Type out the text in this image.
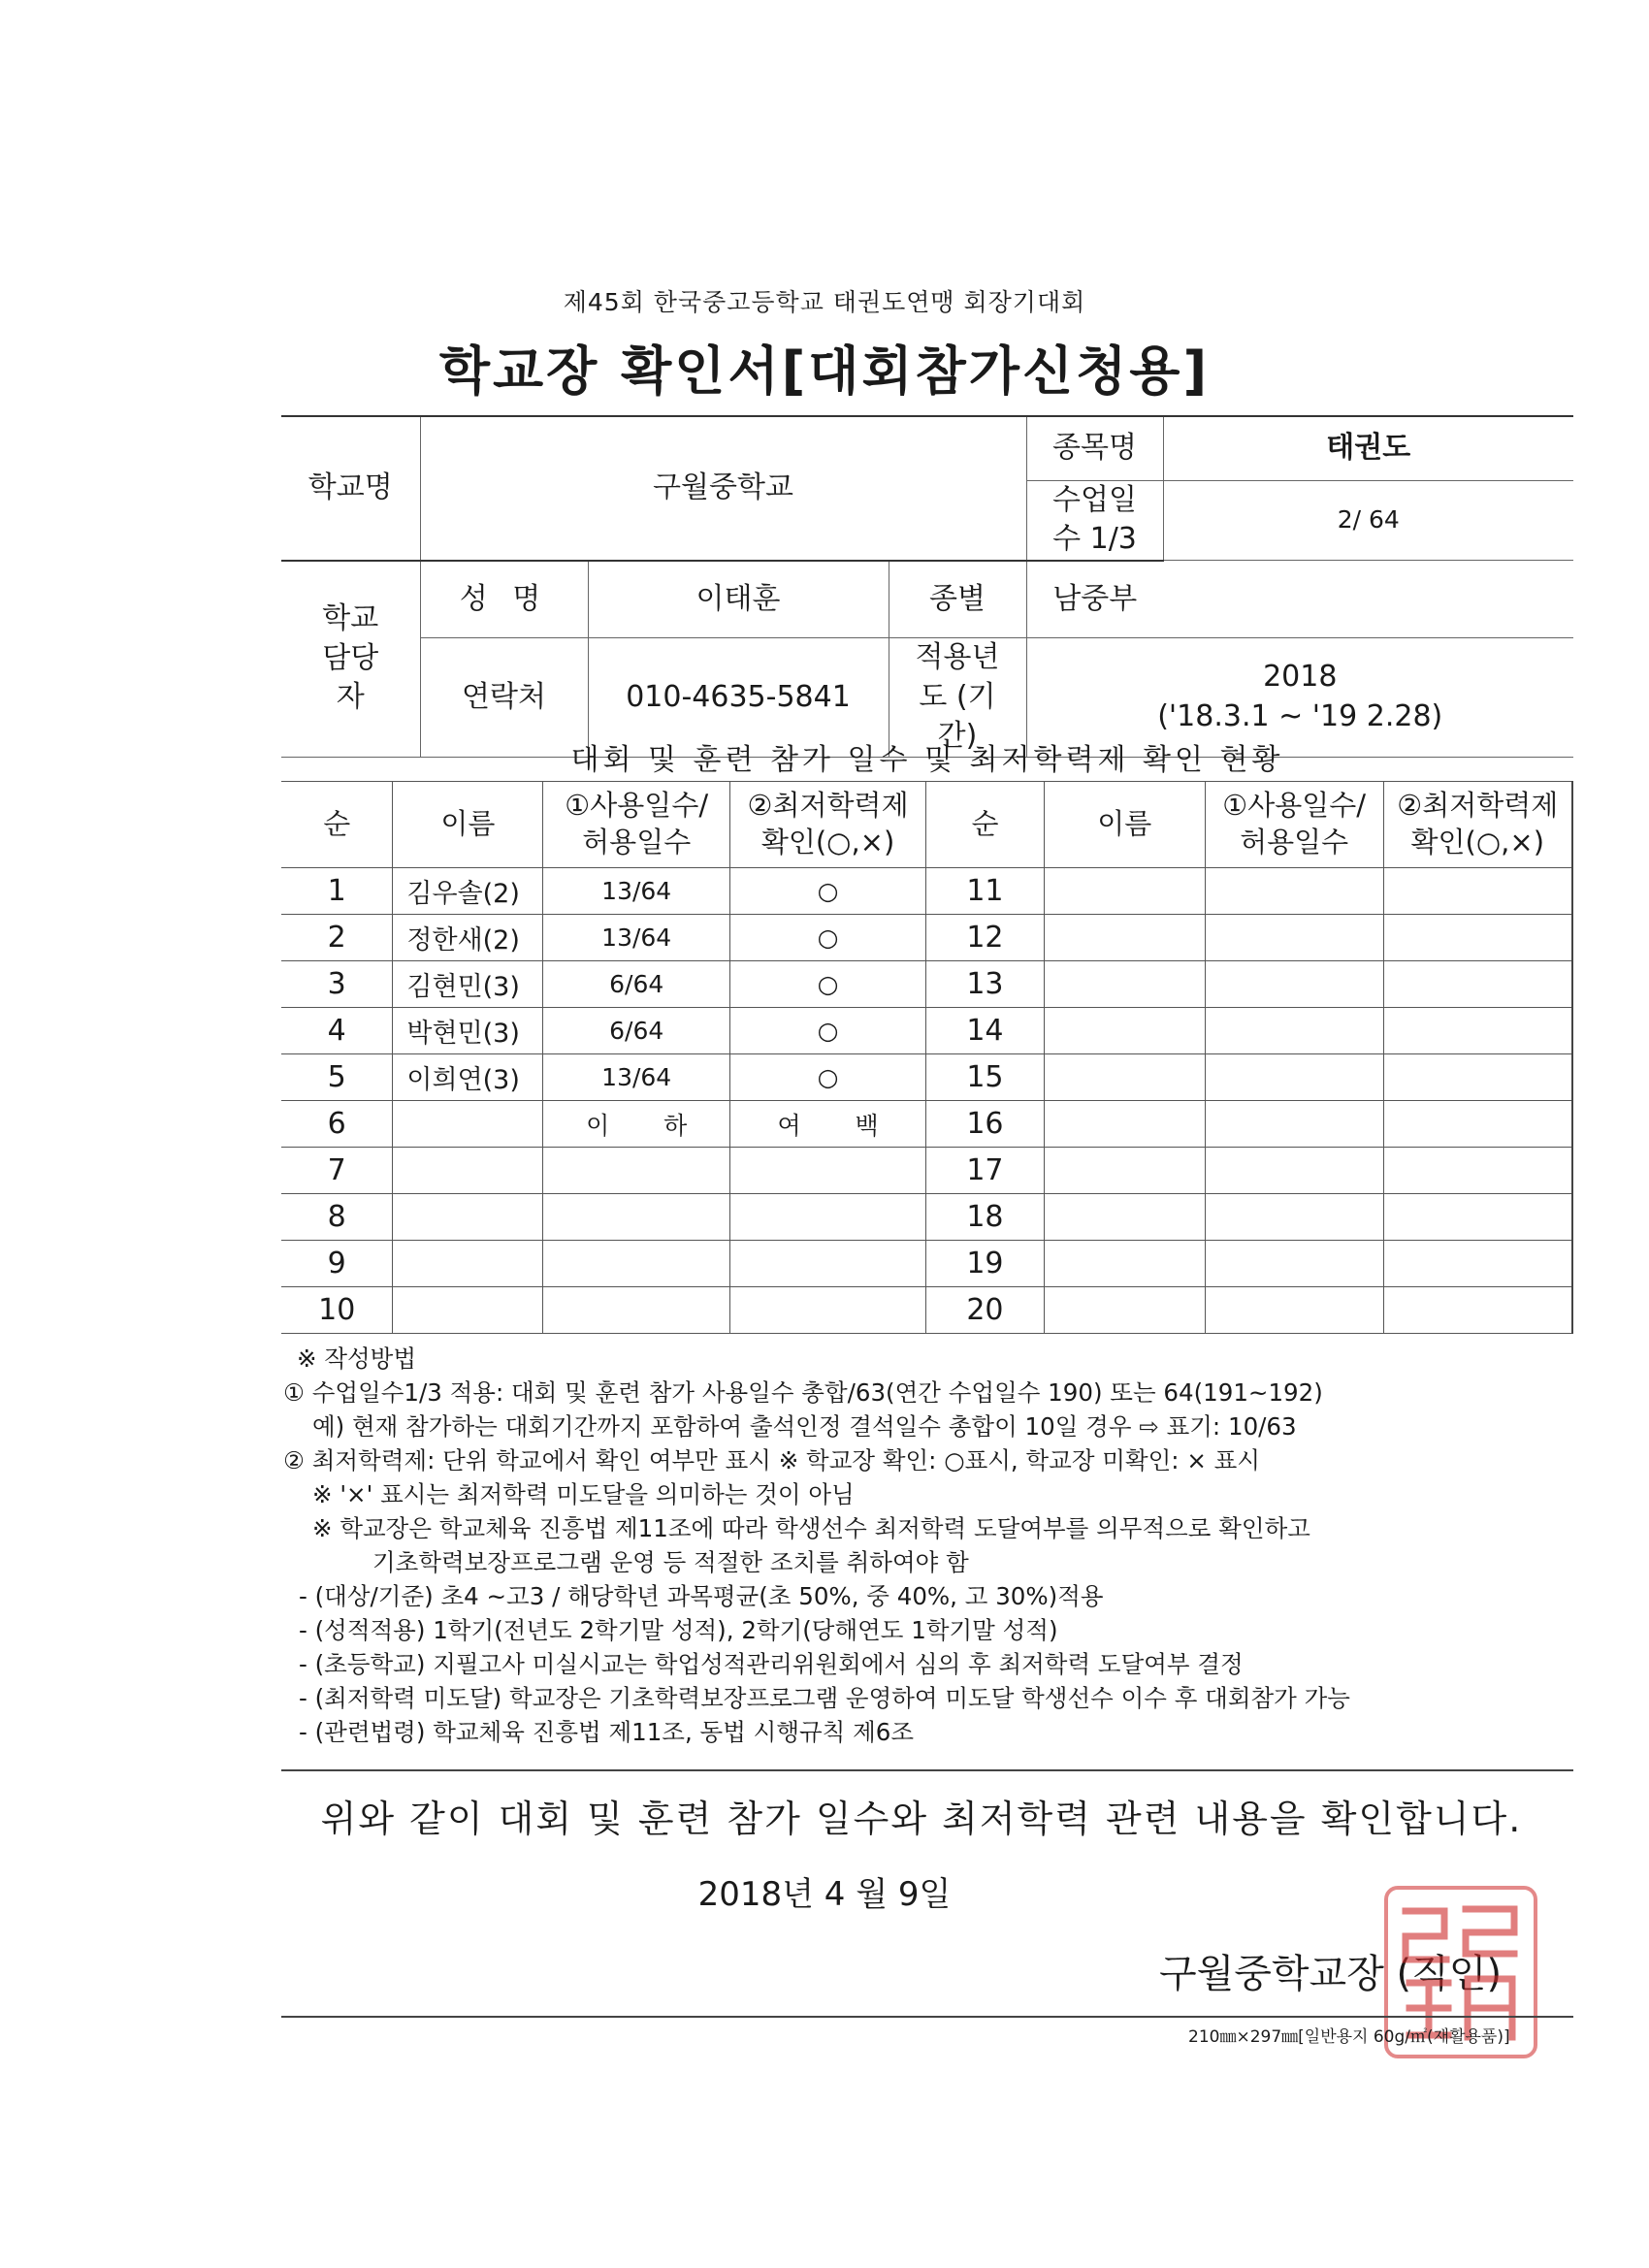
제45회 한국중고등학교 태권도연맹 회장기대회
학교장 확인서[대회참가신청용]
학교명	구월중학교			종목명	태권도
				수업일수 1/3	2/ 64
학교 담당자	성 명	이태훈	종별	남중부	
	연락처	010-4635-5841	적용년도 (기간)	2018
('18.3.1 ~ '19 2.28)	
대회 및 훈련 참가 일수 및 최저학력제 확인 현황
순	이름	①사용일수/ 허용일수	②최저학력제 확인(○,×)	순	이름	①사용일수/ 허용일수	②최저학력제 확인(○,×)
1	김우솔(2)	13/64	○	11			
2	정한새(2)	13/64	○	12			
3	김현민(3)	6/64	○	13			
4	박현민(3)	6/64	○	14			
5	이희연(3)	13/64	○	15			
6		이 하	여 백	16			
7				17			
8				18			
9				19			
10				20			
※ 작성방법
① 수업일수1/3 적용: 대회 및 훈련 참가 사용일수 총합/63(연간 수업일수 190) 또는 64(191~192)
예) 현재 참가하는 대회기간까지 포함하여 출석인정 결석일수 총합이 10일 경우 ⇨ 표기: 10/63
② 최저학력제: 단위 학교에서 확인 여부만 표시 ※ 학교장 확인: ○표시, 학교장 미확인: × 표시
※ '×' 표시는 최저학력 미도달을 의미하는 것이 아님
※ 학교장은 학교체육 진흥법 제11조에 따라 학생선수 최저학력 도달여부를 의무적으로 확인하고
기초학력보장프로그램 운영 등 적절한 조치를 취하여야 함
- (대상/기준) 초4 ~고3 / 해당학년 과목평균(초 50%, 중 40%, 고 30%)적용
- (성적적용) 1학기(전년도 2학기말 성적), 2학기(당해연도 1학기말 성적)
- (초등학교) 지필고사 미실시교는 학업성적관리위원회에서 심의 후 최저학력 도달여부 결정
- (최저학력 미도달) 학교장은 기초학력보장프로그램 운영하여 미도달 학생선수 이수 후 대회참가 가능
- (관련법령) 학교체육 진흥법 제11조, 동법 시행규칙 제6조
위와 같이 대회 및 훈련 참가 일수와 최저학력 관련 내용을 확인합니다.
2018년 4 월 9일
구월중학교장 (직인)
210㎜×297㎜[일반용지 60g/㎡(재활용품)]
